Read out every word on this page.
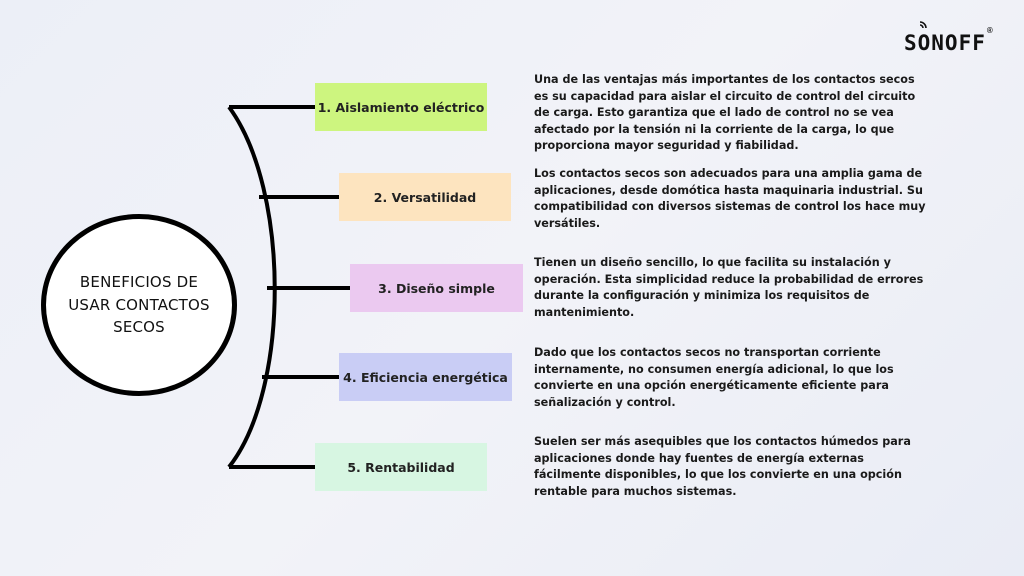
SONOFF
®
BENEFICIOS DE USAR CONTACTOS SECOS
1. Aislamiento eléctrico
2. Versatilidad
3. Diseño simple
4. Eficiencia energética
5. Rentabilidad
Una de las ventajas más importantes de los contactos secos es su capacidad para aislar el circuito de control del circuito de carga. Esto garantiza que el lado de control no se vea afectado por la tensión ni la corriente de la carga, lo que proporciona mayor seguridad y fiabilidad.
Los contactos secos son adecuados para una amplia gama de aplicaciones, desde domótica hasta maquinaria industrial. Su compatibilidad con diversos sistemas de control los hace muy versátiles.
Tienen un diseño sencillo, lo que facilita su instalación y operación. Esta simplicidad reduce la probabilidad de errores durante la configuración y minimiza los requisitos de mantenimiento.
Dado que los contactos secos no transportan corriente internamente, no consumen energía adicional, lo que los convierte en una opción energéticamente eficiente para señalización y control.
Suelen ser más asequibles que los contactos húmedos para aplicaciones donde hay fuentes de energía externas fácilmente disponibles, lo que los convierte en una opción rentable para muchos sistemas.
